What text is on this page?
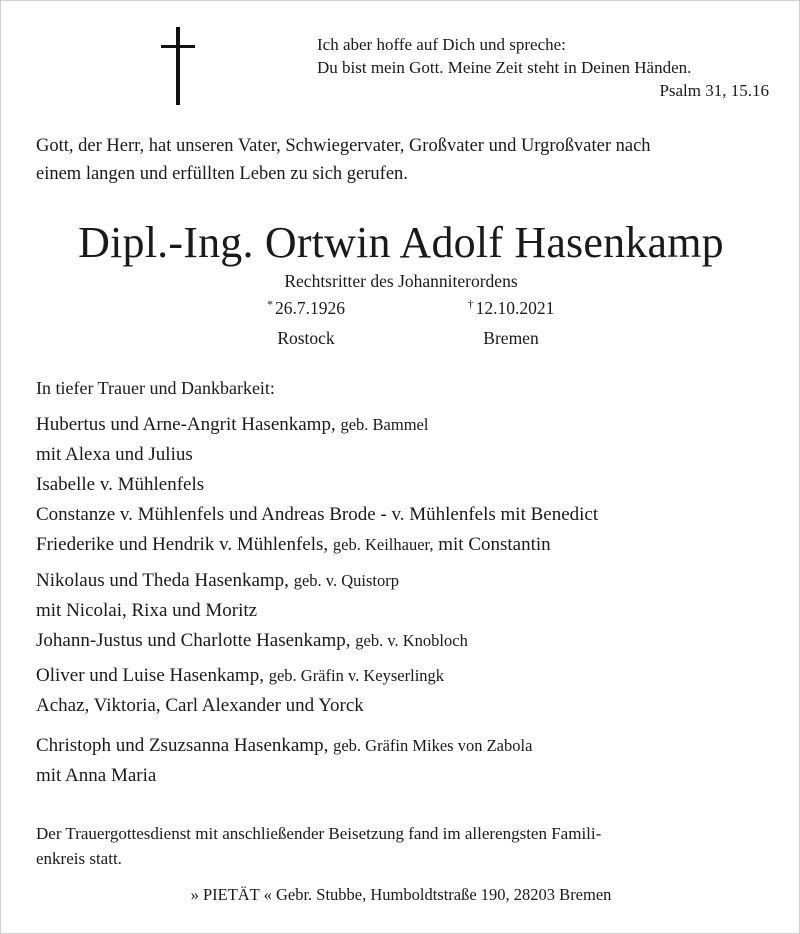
Ich aber hoffe auf Dich und spreche:
Du bist mein Gott. Meine Zeit steht in Deinen Händen.
Psalm 31, 15.16
Gott, der Herr, hat unseren Vater, Schwiegervater, Großvater und Urgroßvater nach
einem langen und erfüllten Leben zu sich gerufen.
Dipl.-Ing. Ortwin Adolf Hasenkamp
Rechtsritter des Johanniterordens
* 26.7.1926
Rostock
† 12.10.2021
Bremen
In tiefer Trauer und Dankbarkeit:
Hubertus und Arne-Angrit Hasenkamp, geb. Bammel
mit Alexa und Julius
Isabelle v. Mühlenfels
Constanze v. Mühlenfels und Andreas Brode - v. Mühlenfels mit Benedict
Friederike und Hendrik v. Mühlenfels, geb. Keilhauer, mit Constantin
Nikolaus und Theda Hasenkamp, geb. v. Quistorp
mit Nicolai, Rixa und Moritz
Johann-Justus und Charlotte Hasenkamp, geb. v. Knobloch
Oliver und Luise Hasenkamp, geb. Gräfin v. Keyserlingk
Achaz, Viktoria, Carl Alexander und Yorck
Christoph und Zsuzsanna Hasenkamp, geb. Gräfin Mikes von Zabola
mit Anna Maria
Der Trauergottesdienst mit anschließender Beisetzung fand im allerengsten Famili-
enkreis statt.
» PIETÄT « Gebr. Stubbe, Humboldtstraße 190, 28203 Bremen
